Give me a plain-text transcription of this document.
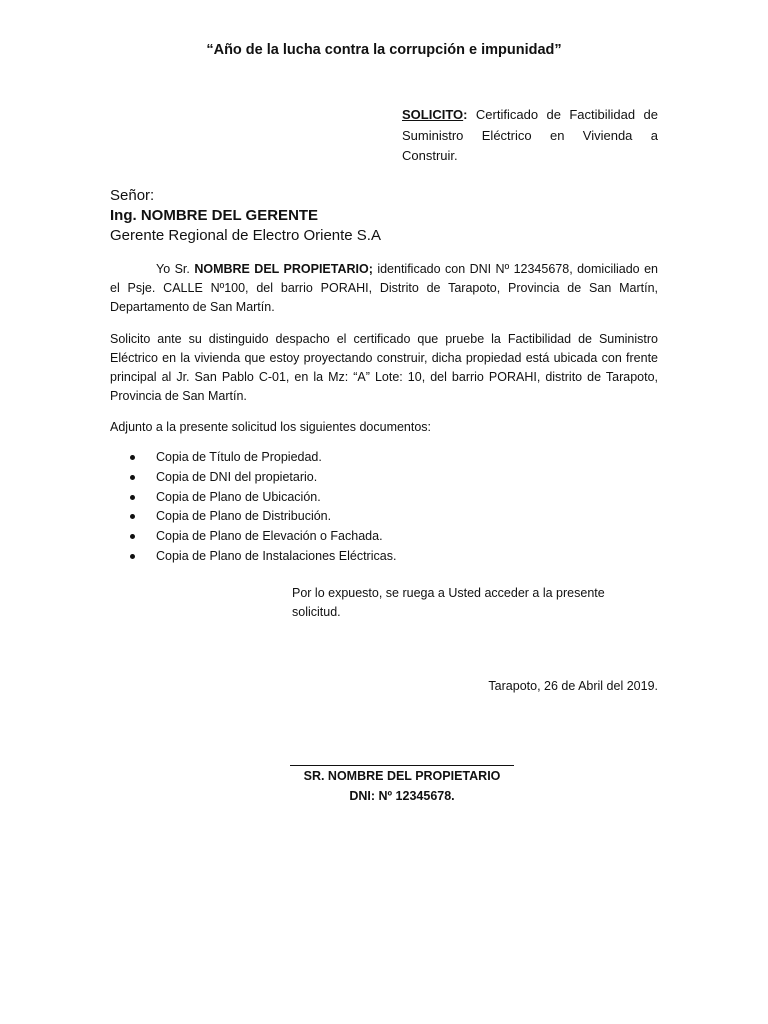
“Año de la lucha contra la corrupción e impunidad”
SOLICITO: Certificado de Factibilidad de Suministro Eléctrico en Vivienda a Construir.
Señor:
Ing. NOMBRE DEL GERENTE
Gerente Regional de Electro Oriente S.A
Yo Sr. NOMBRE DEL PROPIETARIO; identificado con DNI Nº 12345678, domiciliado en el Psje. CALLE Nº100, del barrio PORAHI, Distrito de Tarapoto, Provincia de San Martín, Departamento de San Martín.
Solicito ante su distinguido despacho el certificado que pruebe la Factibilidad de Suministro Eléctrico en la vivienda que estoy proyectando construir, dicha propiedad está ubicada con frente principal al Jr. San Pablo C-01, en la Mz: “A” Lote: 10, del barrio PORAHI, distrito de Tarapoto, Provincia de San Martín.
Adjunto a la presente solicitud los siguientes documentos:
Copia de Título de Propiedad.
Copia de DNI del propietario.
Copia de Plano de Ubicación.
Copia de Plano de Distribución.
Copia de Plano de Elevación o Fachada.
Copia de Plano de Instalaciones Eléctricas.
Por lo expuesto, se ruega a Usted acceder a la presente solicitud.
Tarapoto, 26 de Abril del 2019.
SR. NOMBRE DEL PROPIETARIO
DNI: Nº 12345678.
